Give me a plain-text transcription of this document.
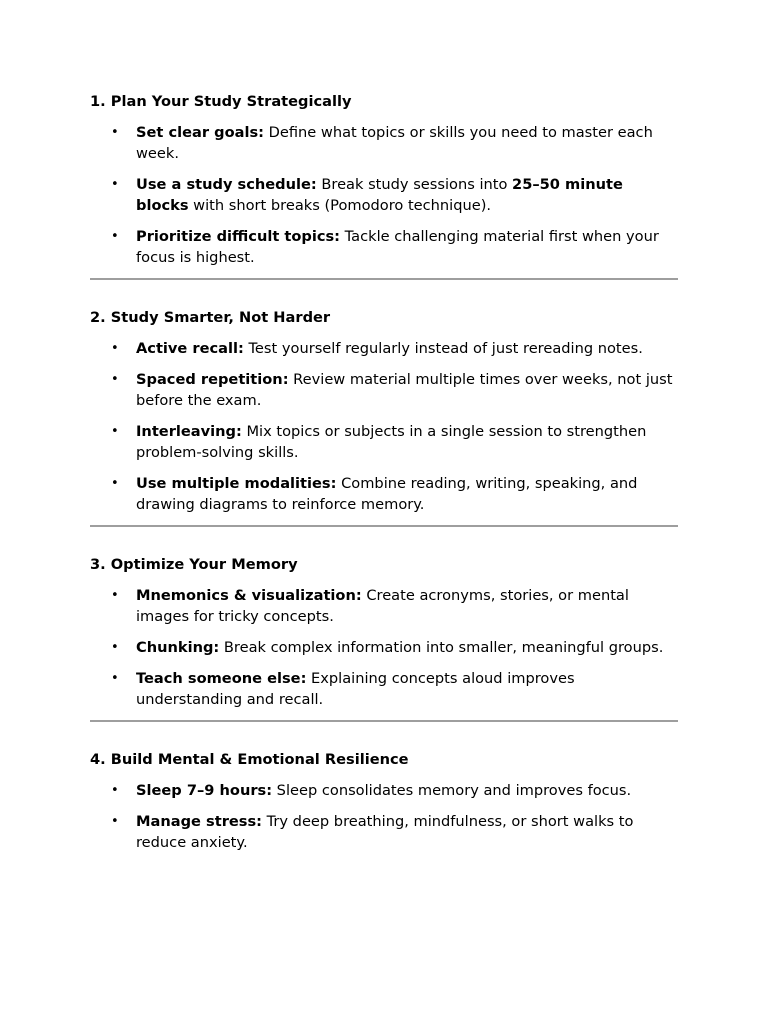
1. Plan Your Study Strategically
• Set clear goals: Define what topics or skills you need to master each week.
• Use a study schedule: Break study sessions into 25–50 minute blocks with short breaks (Pomodoro technique).
• Prioritize difficult topics: Tackle challenging material first when your focus is highest.
2. Study Smarter, Not Harder
• Active recall: Test yourself regularly instead of just rereading notes.
• Spaced repetition: Review material multiple times over weeks, not just before the exam.
• Interleaving: Mix topics or subjects in a single session to strengthen problem-solving skills.
• Use multiple modalities: Combine reading, writing, speaking, and drawing diagrams to reinforce memory.
3. Optimize Your Memory
• Mnemonics & visualization: Create acronyms, stories, or mental images for tricky concepts.
• Chunking: Break complex information into smaller, meaningful groups.
• Teach someone else: Explaining concepts aloud improves understanding and recall.
4. Build Mental & Emotional Resilience
• Sleep 7–9 hours: Sleep consolidates memory and improves focus.
• Manage stress: Try deep breathing, mindfulness, or short walks to reduce anxiety.
